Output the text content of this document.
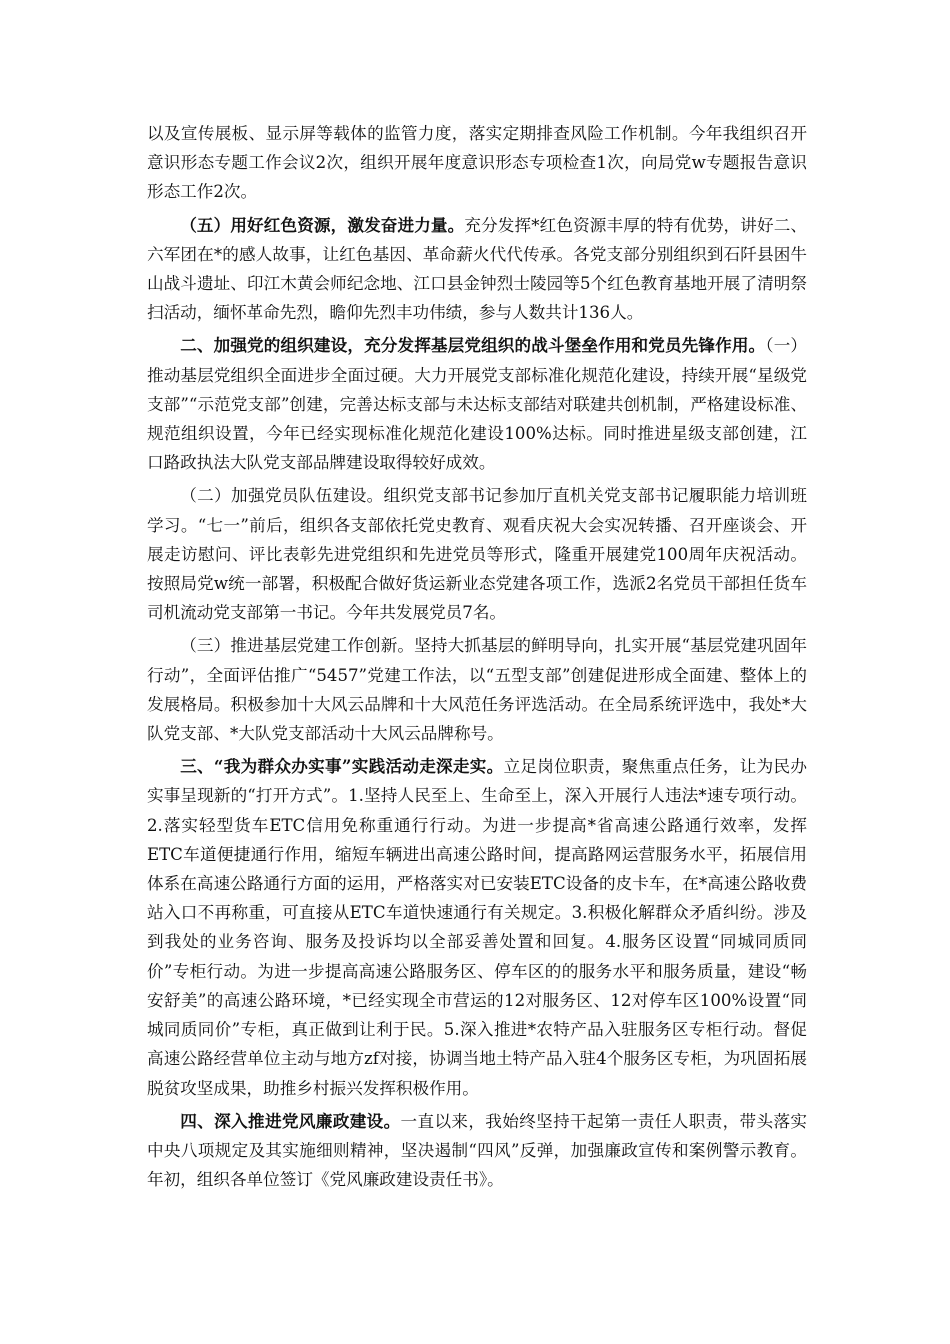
以及宣传展板、显示屏等载体的监管力度，落实定期排查风险工作机制。今年我组织召开意识形态专题工作会议2次，组织开展年度意识形态专项检查1次，向局党w专题报告意识形态工作2次。

（五）用好红色资源，激发奋进力量。充分发挥*红色资源丰厚的特有优势，讲好二、六军团在*的感人故事，让红色基因、革命薪火代代传承。各党支部分别组织到石阡县困牛山战斗遗址、印江木黄会师纪念地、江口县金钟烈士陵园等5个红色教育基地开展了清明祭扫活动，缅怀革命先烈，瞻仰先烈丰功伟绩，参与人数共计136人。

二、加强党的组织建设，充分发挥基层党组织的战斗堡垒作用和党员先锋作用。（一）推动基层党组织全面进步全面过硬。大力开展党支部标准化规范化建设，持续开展“星级党支部”“示范党支部”创建，完善达标支部与未达标支部结对联建共创机制，严格建设标准、规范组织设置，今年已经实现标准化规范化建设100%达标。同时推进星级支部创建，江口路政执法大队党支部品牌建设取得较好成效。

（二）加强党员队伍建设。组织党支部书记参加厅直机关党支部书记履职能力培训班学习。“七一”前后，组织各支部依托党史教育、观看庆祝大会实况转播、召开座谈会、开展走访慰问、评比表彰先进党组织和先进党员等形式，隆重开展建党100周年庆祝活动。按照局党w统一部署，积极配合做好货运新业态党建各项工作，选派2名党员干部担任货车司机流动党支部第一书记。今年共发展党员7名。

（三）推进基层党建工作创新。坚持大抓基层的鲜明导向，扎实开展“基层党建巩固年行动”，全面评估推广“5457”党建工作法，以“五型支部”创建促进形成全面建、整体上的发展格局。积极参加十大风云品牌和十大风范任务评选活动。在全局系统评选中，我处*大队党支部、*大队党支部活动十大风云品牌称号。

三、“我为群众办实事”实践活动走深走实。立足岗位职责，聚焦重点任务，让为民办实事呈现新的“打开方式”。1.坚持人民至上、生命至上，深入开展行人违法*速专项行动。2.落实轻型货车ETC信用免称重通行行动。为进一步提高*省高速公路通行效率，发挥ETC车道便捷通行作用，缩短车辆进出高速公路时间，提高路网运营服务水平，拓展信用体系在高速公路通行方面的运用，严格落实对已安装ETC设备的皮卡车，在*高速公路收费站入口不再称重，可直接从ETC车道快速通行有关规定。3.积极化解群众矛盾纠纷。涉及到我处的业务咨询、服务及投诉均以全部妥善处置和回复。4.服务区设置“同城同质同价”专柜行动。为进一步提高高速公路服务区、停车区的的服务水平和服务质量，建设“畅安舒美”的高速公路环境，*已经实现全市营运的12对服务区、12对停车区100%设置“同城同质同价”专柜，真正做到让利于民。5.深入推进*农特产品入驻服务区专柜行动。督促高速公路经营单位主动与地方zf对接，协调当地土特产品入驻4个服务区专柜，为巩固拓展脱贫攻坚成果，助推乡村振兴发挥积极作用。

四、深入推进党风廉政建设。一直以来，我始终坚持干起第一责任人职责，带头落实中央八项规定及其实施细则精神，坚决遏制“四风”反弹，加强廉政宣传和案例警示教育。年初，组织各单位签订《党风廉政建设责任书》。
